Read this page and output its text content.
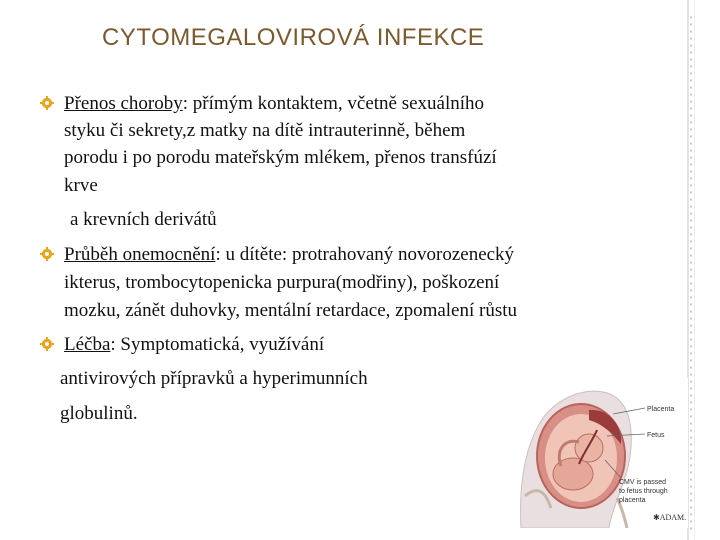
CYTOMEGALOVIROVÁ INFEKCE
Přenos choroby: přímým kontaktem, včetně sexuálního
styku či sekrety,z matky na dítě intrauterinně, během
porodu i po porodu mateřským mlékem, přenos transfúzí
krve
a krevních derivátů
Průběh onemocnění: u dítěte: protrahovaný novorozenecký
ikterus, trombocytopenicka purpura(modřiny), poškození
mozku, zánět duhovky, mentální retardace, zpomalení růstu
Léčba: Symptomatická, využívání
antivirových přípravků a hyperimunních
globulinů.	Placenta
Fetus
CMV is passed
to fetus through
placenta
✱ADAM.
